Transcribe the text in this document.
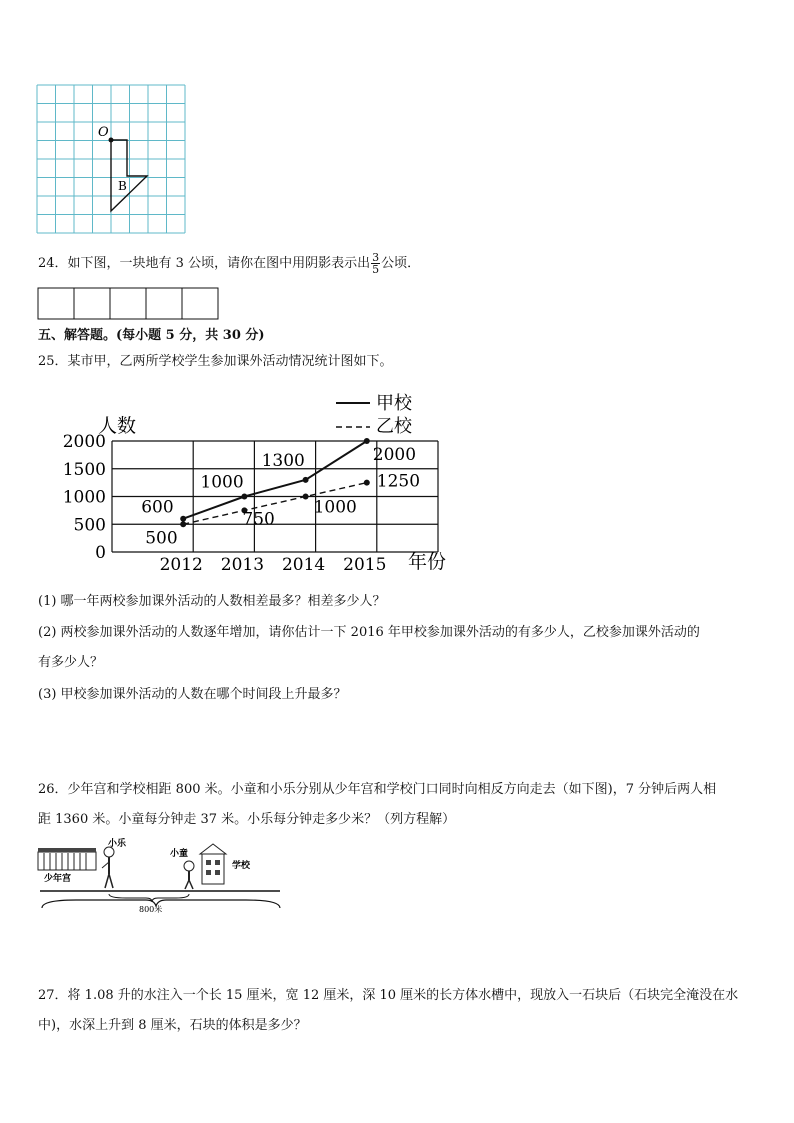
O
B
24．如下图，一块地有 3 公顷，请你在图中用阴影表示出 $\frac{3}{5}$ 公顷．
五、解答题。(每小题 5 分，共 30 分)
25．某市甲，乙两所学校学生参加课外活动情况统计图如下。
0
500
1000
1500
2000
2012 2013 2014 2015
600
1000
1300	2000
500
750
1000
1250
人数
年份
甲校
乙校
(1) 哪一年两校参加课外活动的人数相差最多？相差多少人？
(2) 两校参加课外活动的人数逐年增加，请你估计一下 2016 年甲校参加课外活动的有多少人，乙校参加课外活动的
有多少人？
(3) 甲校参加课外活动的人数在哪个时间段上升最多？
26．少年宫和学校相距 800 米。小童和小乐分别从少年宫和学校门口同时向相反方向走去（如下图)，7 分钟后两人相
距 1360 米。小童每分钟走 37 米。小乐每分钟走多少米？（列方程解）
少年宫
小乐
小童
学校
800米
27．将 1.08 升的水注入一个长 15 厘米，宽 12 厘米，深 10 厘米的长方体水槽中，现放入一石块后（石块完全淹没在水
中)，水深上升到 8 厘米，石块的体积是多少？
